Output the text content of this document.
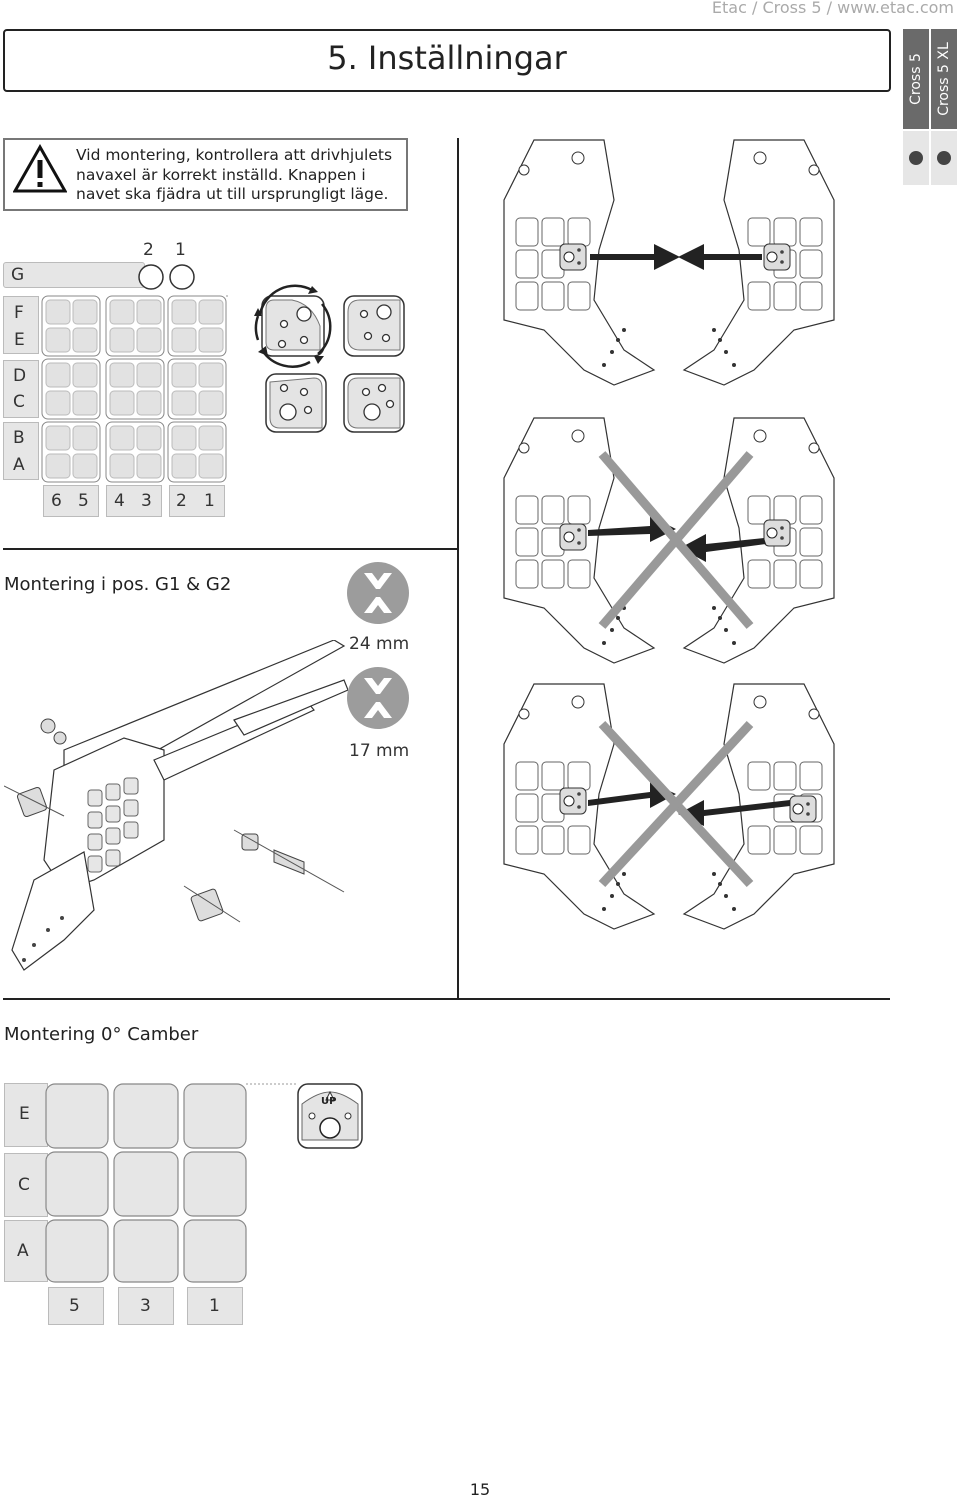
Etac / Cross 5 / www.etac.com
5. Inställningar	Cross 5 Cross 5 XL
Vid montering, kontrollera att drivhjulets navaxel är korrekt inställd. Knappen i navet ska fjädra ut till ursprungligt läge.
G
2 1
F
E
D
C
B
A
6 5 4 3 2 1
Montering i pos. G1 & G2
Montering 0° Camber
24 mm
17 mm
E
C
A
UP
5	3	1
15
